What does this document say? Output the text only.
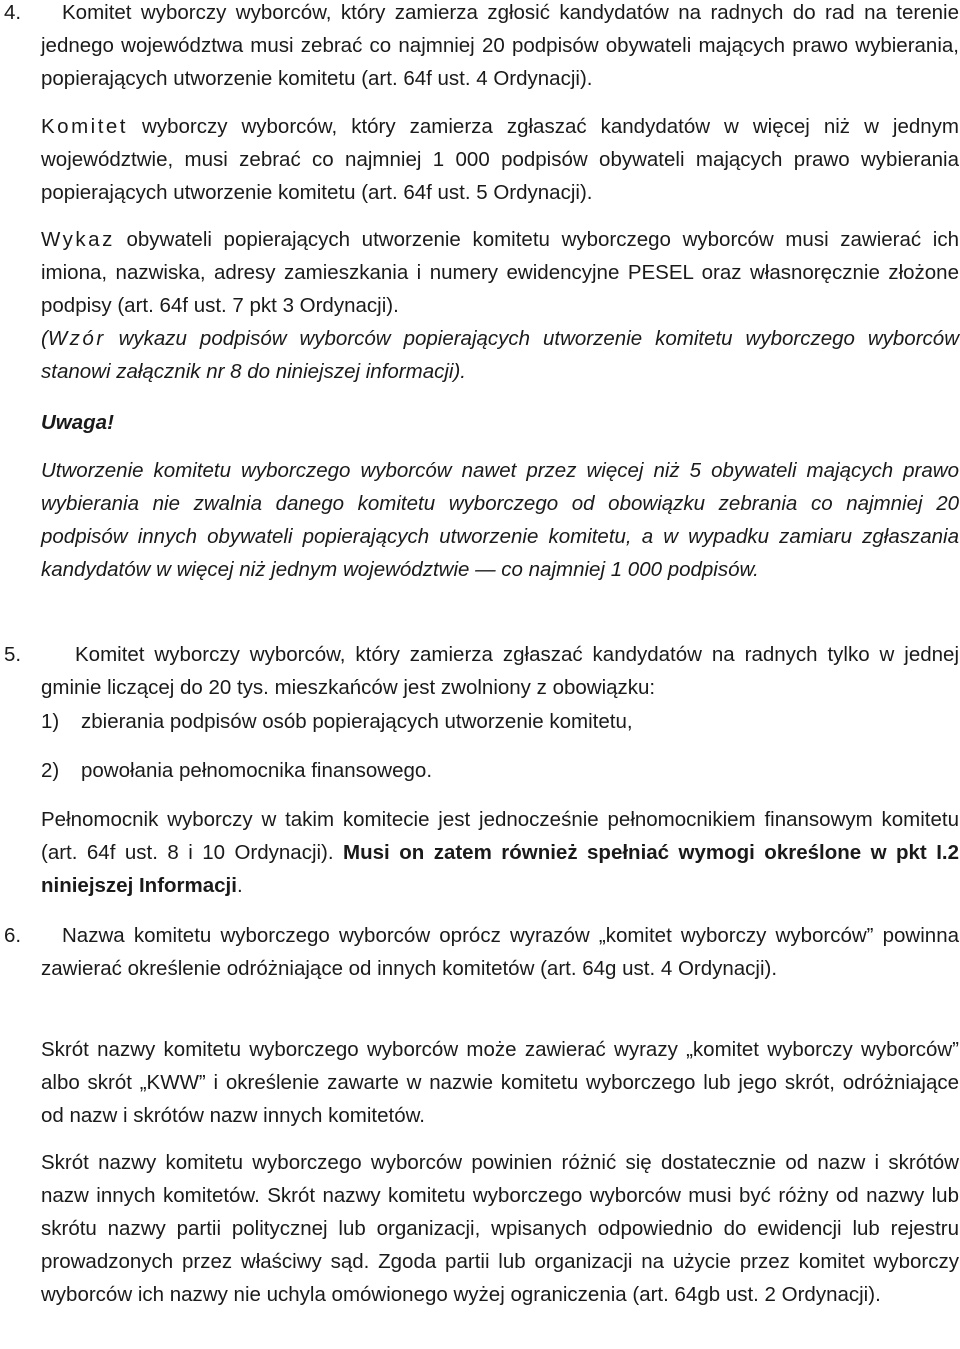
4.	Komitet wyborczy wyborców, który zamierza zgłosić kandydatów na radnych do rad na terenie jednego województwa musi zebrać co najmniej 20 podpisów obywateli mających prawo wybierania, popierających utworzenie komitetu (art. 64f ust. 4 Ordynacji).

Komitet wyborczy wyborców, który zamierza zgłaszać kandydatów w więcej niż w jednym województwie, musi zebrać co najmniej 1 000 podpisów obywateli mających prawo wybierania popierających utworzenie komitetu (art. 64f ust. 5 Ordynacji).

Wykaz obywateli popierających utworzenie komitetu wyborczego wyborców musi zawierać ich imiona, nazwiska, adresy zamieszkania i numery ewidencyjne PESEL oraz własnoręcznie złożone podpisy (art. 64f ust. 7 pkt 3 Ordynacji).

(Wzór wykazu podpisów wyborców popierających utworzenie komitetu wyborczego wyborców stanowi załącznik nr 8 do niniejszej informacji).

Uwaga!

Utworzenie komitetu wyborczego wyborców nawet przez więcej niż 5 obywateli mających prawo wybierania nie zwalnia danego komitetu wyborczego od obowiązku zebrania co najmniej 20 podpisów innych obywateli popierających utworzenie komitetu, a w wypadku zamiaru zgłaszania kandydatów w więcej niż jednym województwie — co najmniej 1 000 podpisów.

5.	Komitet wyborczy wyborców, który zamierza zgłaszać kandydatów na radnych tylko w jednej gminie liczącej do 20 tys. mieszkańców jest zwolniony z obowiązku:

1) zbierania podpisów osób popierających utworzenie komitetu,

2) powołania pełnomocnika finansowego.

Pełnomocnik wyborczy w takim komitecie jest jednocześnie pełnomocnikiem finansowym komitetu (art. 64f ust. 8 i 10 Ordynacji). Musi on zatem również spełniać wymogi określone w pkt I.2 niniejszej Informacji.

6.	Nazwa komitetu wyborczego wyborców oprócz wyrazów „komitet wyborczy wyborców” powinna zawierać określenie odróżniające od innych komitetów (art. 64g ust. 4 Ordynacji).

Skrót nazwy komitetu wyborczego wyborców może zawierać wyrazy „komitet wyborczy wyborców” albo skrót „KWW” i określenie zawarte w nazwie komitetu wyborczego lub jego skrót, odróżniające od nazw i skrótów nazw innych komitetów.

Skrót nazwy komitetu wyborczego wyborców powinien różnić się dostatecznie od nazw i skrótów nazw innych komitetów. Skrót nazwy komitetu wyborczego wyborców musi być różny od nazwy lub skrótu nazwy partii politycznej lub organizacji, wpisanych odpowiednio do ewidencji lub rejestru prowadzonych przez właściwy sąd. Zgoda partii lub organizacji na użycie przez komitet wyborczy wyborców ich nazwy nie uchyla omówionego wyżej ograniczenia (art. 64gb ust. 2 Ordynacji).
